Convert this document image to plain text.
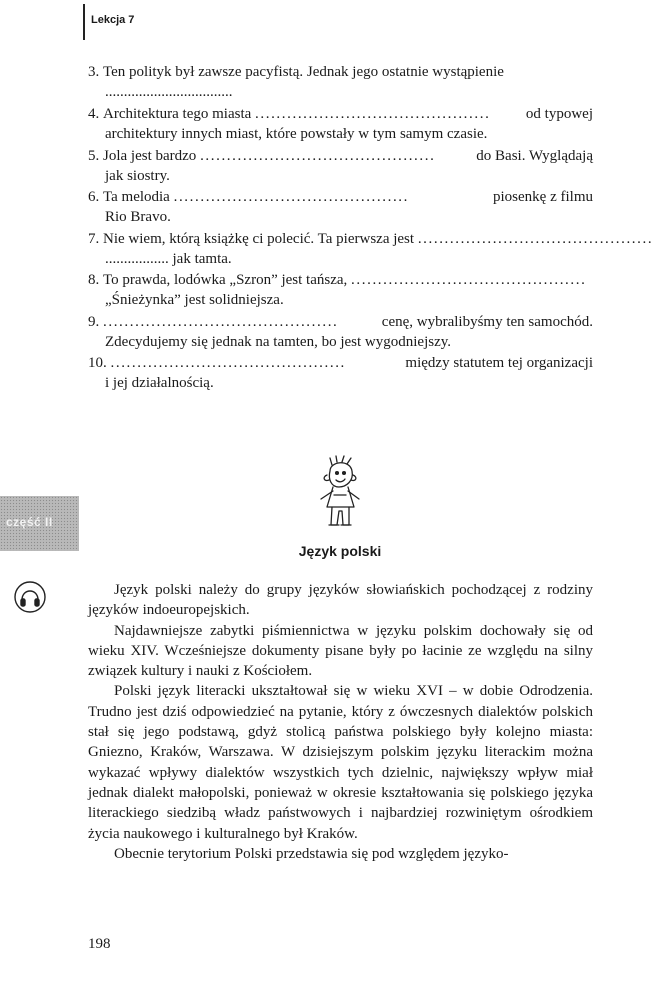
Lekcja 7
3.
Ten polityk był zawsze pacyfistą. Jednak jego ostatnie wystąpienie
..................................
4.
Architektura tego miasta ............................................	od typowej
architektury innych miast, które powstały w tym samym czasie.
5.
Jola jest bardzo ............................................	do Basi. Wyglądają
jak siostry.
6.
Ta melodia ............................................	piosenkę z filmu
Rio Bravo.
7.
Nie wiem, którą książkę ci polecić. Ta pierwsza jest ............................................
................. jak tamta.
8.
To prawda, lodówka „Szron” jest tańsza, ............................................
„Śnieżynka” jest solidniejsza.
9.
............................................	cenę, wybralibyśmy ten samochód.
Zdecydujemy się jednak na tamten, bo jest wygodniejszy.
10.
............................................	między statutem tej organizacji
i jej działalnością.
część II
Język polski

Język polski należy do grupy języków słowiańskich pochodzącej z rodziny języków indoeuropejskich.

Najdawniejsze zabytki piśmiennictwa w języku polskim dochowały się od wieku XIV. Wcześniejsze dokumenty pisane były po łacinie ze względu na silny związek kultury i nauki z Kościołem.

Polski język literacki ukształtował się w wieku XVI – w dobie Odrodzenia. Trudno jest dziś odpowiedzieć na pytanie, który z ówczesnych dialektów polskich stał się jego podstawą, gdyż stolicą państwa polskiego były kolejno miasta: Gniezno, Kraków, Warszawa. W dzisiejszym polskim języku literackim można wykazać wpływy dialektów wszystkich tych dzielnic, największy wpływ miał jednak dialekt małopolski, ponieważ w okresie kształtowania się polskiego języka literackiego siedzibą władz państwowych i najbardziej rozwiniętym ośrodkiem życia naukowego i kulturalnego był Kraków.

Obecnie terytorium Polski przedstawia się pod względem języko-

198
